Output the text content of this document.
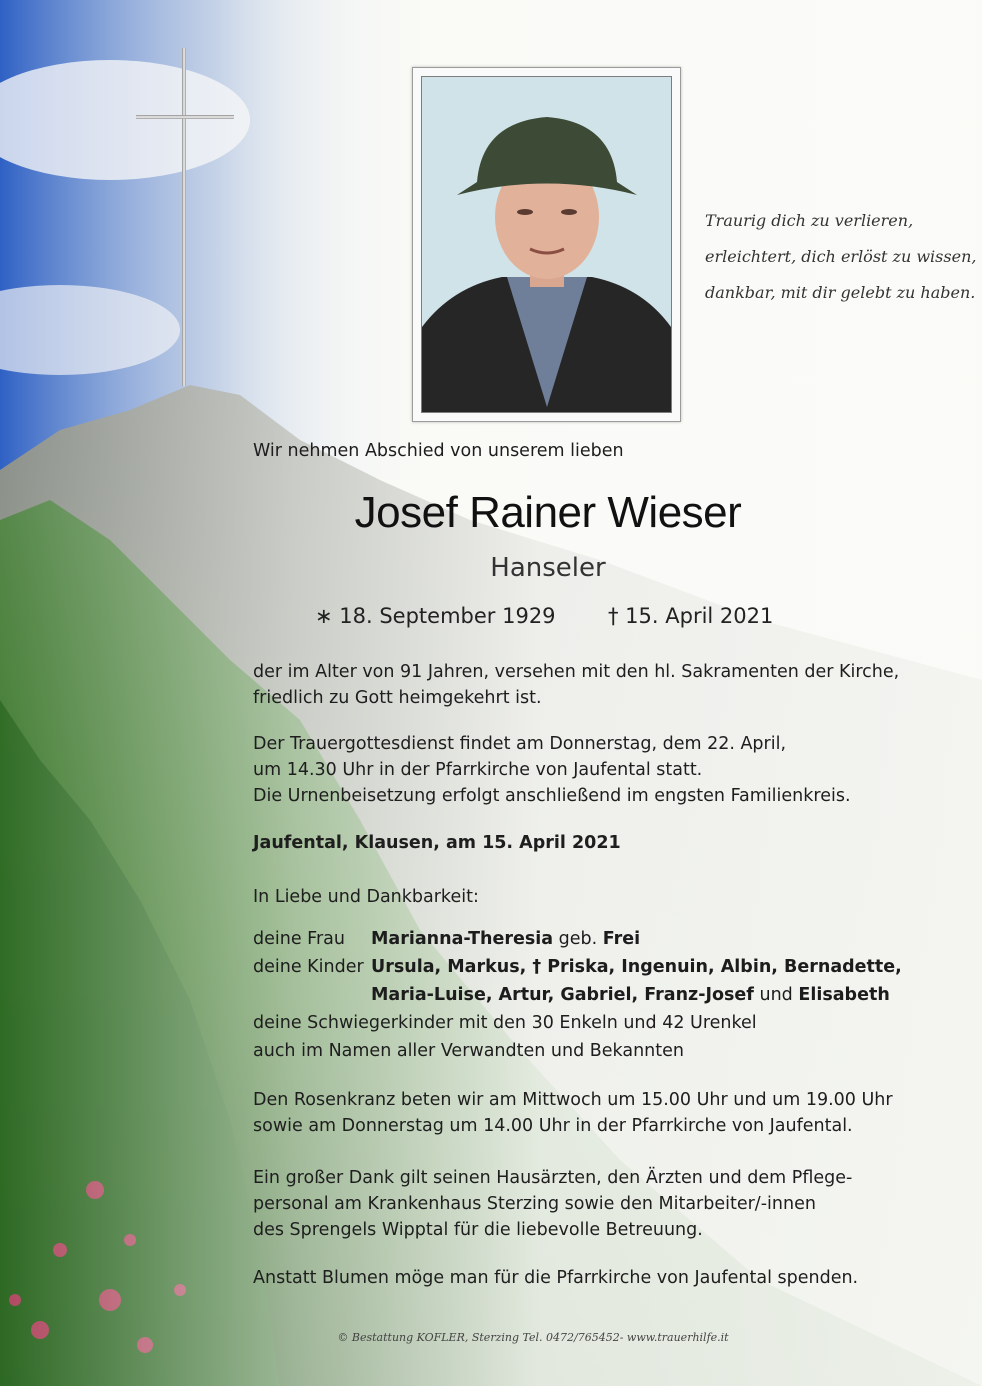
Traurig dich zu verlieren,
erleichtert, dich erlöst zu wissen,
dankbar, mit dir gelebt zu haben.
Wir nehmen Abschied von unserem lieben
Josef Rainer Wieser
Hanseler
∗ 18. September 1929 † 15. April 2021
der im Alter von 91 Jahren, versehen mit den hl. Sakramenten der Kirche,
friedlich zu Gott heimgekehrt ist.
Der Trauergottesdienst findet am Donnerstag, dem 22. April,
um 14.30 Uhr in der Pfarrkirche von Jaufental statt.
Die Urnenbeisetzung erfolgt anschließend im engsten Familienkreis.
Jaufental, Klausen, am 15. April 2021
In Liebe und Dankbarkeit:
deine Frau Marianna-Theresia geb. Frei
deine Kinder Ursula, Markus, † Priska, Ingenuin, Albin, Bernadette,
Maria-Luise, Artur, Gabriel, Franz-Josef und Elisabeth
deine Schwiegerkinder mit den 30 Enkeln und 42 Urenkel
auch im Namen aller Verwandten und Bekannten
Den Rosenkranz beten wir am Mittwoch um 15.00 Uhr und um 19.00 Uhr
sowie am Donnerstag um 14.00 Uhr in der Pfarrkirche von Jaufental.
Ein großer Dank gilt seinen Hausärzten, den Ärzten und dem Pflege-
personal am Krankenhaus Sterzing sowie den Mitarbeiter/-innen
des Sprengels Wipptal für die liebevolle Betreuung.
Anstatt Blumen möge man für die Pfarrkirche von Jaufental spenden.
© Bestattung KOFLER, Sterzing Tel. 0472/765452- www.trauerhilfe.it
